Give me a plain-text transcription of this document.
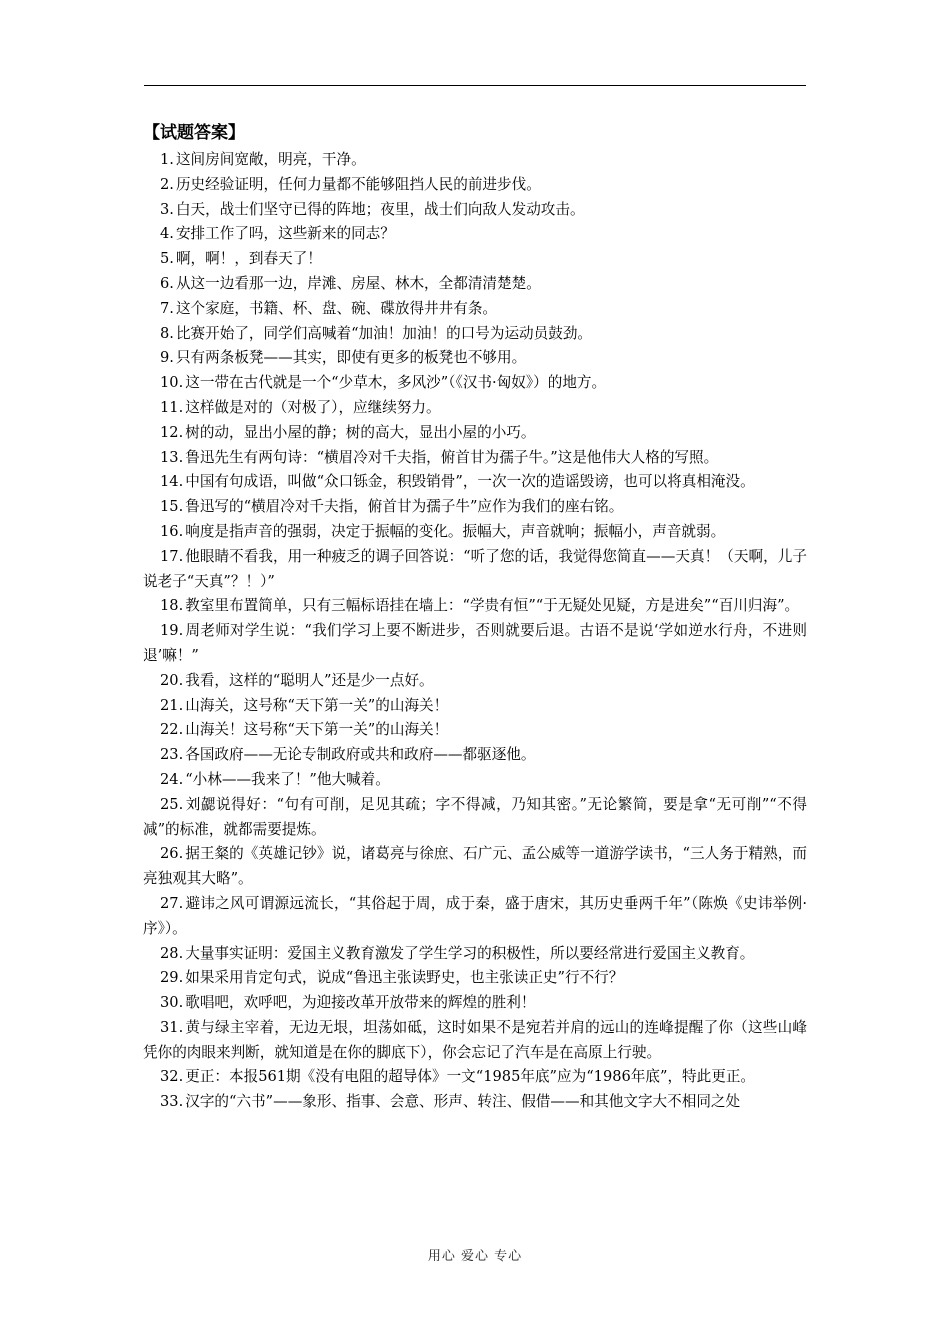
【试题答案】

1. 这间房间宽敞，明亮，干净。

2. 历史经验证明，任何力量都不能够阻挡人民的前进步伐。

3. 白天，战士们坚守已得的阵地；夜里，战士们向敌人发动攻击。

4. 安排工作了吗，这些新来的同志？

5. 啊，啊！，到春天了！

6. 从这一边看那一边，岸滩、房屋、林木，全都清清楚楚。

7. 这个家庭，书籍、杯、盘、碗、碟放得井井有条。

8. 比赛开始了，同学们高喊着“加油！加油！的口号为运动员鼓劲。

9. 只有两条板凳——其实，即使有更多的板凳也不够用。

10. 这一带在古代就是一个“少草木，多风沙”（《汉书·匈奴》）的地方。

11. 这样做是对的（对极了），应继续努力。

12. 树的动，显出小屋的静；树的高大，显出小屋的小巧。

13. 鲁迅先生有两句诗：“横眉冷对千夫指，俯首甘为孺子牛。”这是他伟大人格的写照。

14. 中国有句成语，叫做“众口铄金，积毁销骨”，一次一次的造谣毁谤，也可以将真相淹没。

15. 鲁迅写的“横眉冷对千夫指，俯首甘为孺子牛”应作为我们的座右铭。

16. 响度是指声音的强弱，决定于振幅的变化。振幅大，声音就响；振幅小，声音就弱。

17. 他眼睛不看我，用一种疲乏的调子回答说：“听了您的话，我觉得您简直——天真！（天啊，儿子说老子“天真”？！）”

18. 教室里布置简单，只有三幅标语挂在墙上：“学贵有恒”“于无疑处见疑，方是进矣”“百川归海”。

19. 周老师对学生说：“我们学习上要不断进步，否则就要后退。古语不是说‘学如逆水行舟，不进则退’嘛！”

20. 我看，这样的“聪明人”还是少一点好。

21. 山海关，这号称“天下第一关”的山海关！

22. 山海关！这号称“天下第一关”的山海关！

23. 各国政府——无论专制政府或共和政府——都驱逐他。

24. “小林——我来了！”他大喊着。

25. 刘勰说得好：“句有可削，足见其疏；字不得减，乃知其密。”无论繁简，要是拿“无可削”“不得减”的标准，就都需要提炼。

26. 据王粲的《英雄记钞》说，诸葛亮与徐庶、石广元、孟公威等一道游学读书，“三人务于精熟，而亮独观其大略”。

27. 避讳之风可谓源远流长，“其俗起于周，成于秦，盛于唐宋，其历史垂两千年”（陈焕《史讳举例·序》）。

28. 大量事实证明：爱国主义教育激发了学生学习的积极性，所以要经常进行爱国主义教育。

29. 如果采用肯定句式，说成“鲁迅主张读野史，也主张读正史”行不行？

30. 歌唱吧，欢呼吧，为迎接改革开放带来的辉煌的胜利！

31. 黄与绿主宰着，无边无垠，坦荡如砥，这时如果不是宛若并肩的远山的连峰提醒了你（这些山峰凭你的肉眼来判断，就知道是在你的脚底下），你会忘记了汽车是在高原上行驶。

32. 更正：本报561期《没有电阻的超导体》一文“1985年底”应为“1986年底”，特此更正。

33. 汉字的“六书”——象形、指事、会意、形声、转注、假借——和其他文字大不相同之处

用心 爱心 专心
